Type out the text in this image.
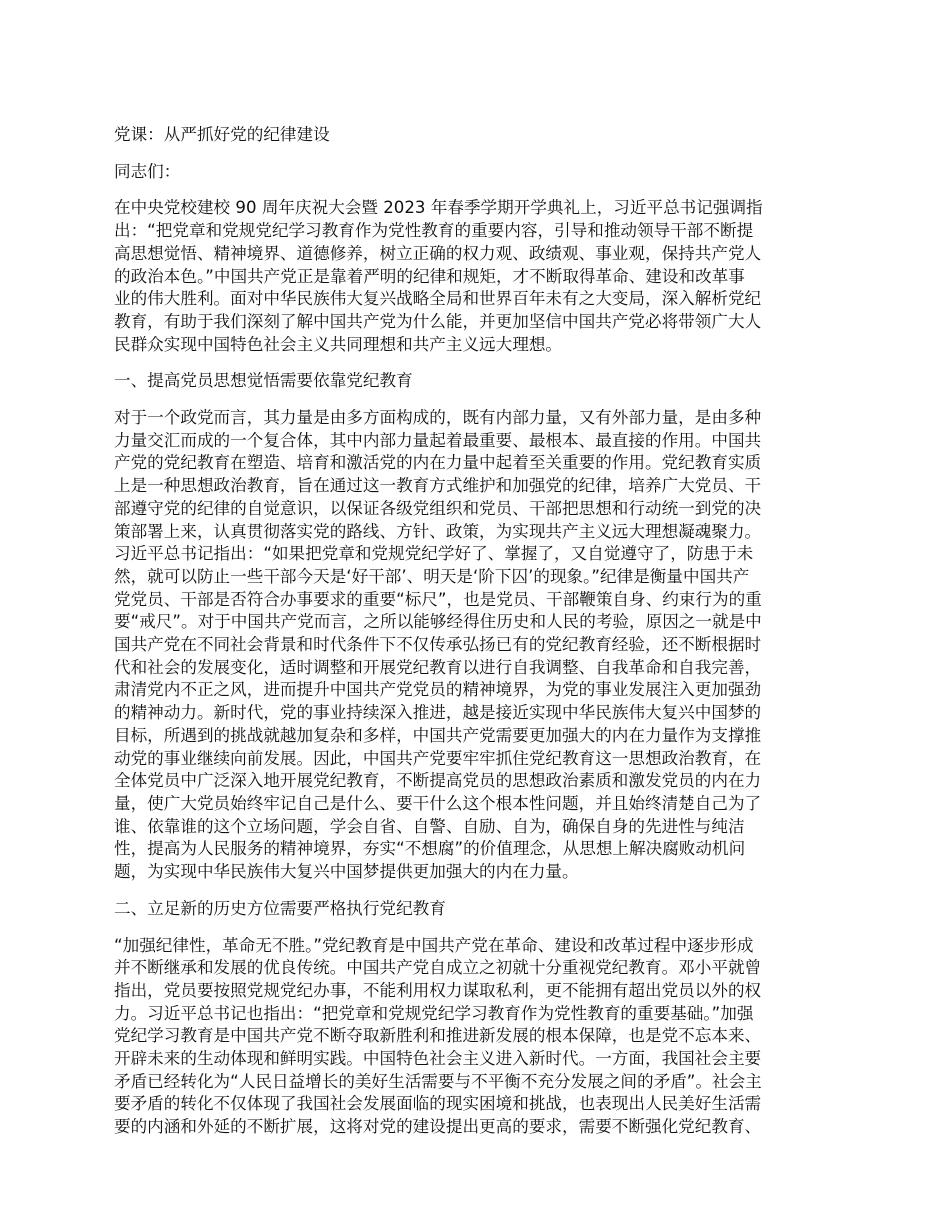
党课：从严抓好党的纪律建设
同志们：
在中央党校建校 90 周年庆祝大会暨 2023 年春季学期开学典礼上，习近平总书记强调指
出：“把党章和党规党纪学习教育作为党性教育的重要内容，引导和推动领导干部不断提
高思想觉悟、精神境界、道德修养，树立正确的权力观、政绩观、事业观，保持共产党人
的政治本色。”中国共产党正是靠着严明的纪律和规矩，才不断取得革命、建设和改革事
业的伟大胜利。面对中华民族伟大复兴战略全局和世界百年未有之大变局，深入解析党纪
教育，有助于我们深刻了解中国共产党为什么能，并更加坚信中国共产党必将带领广大人
民群众实现中国特色社会主义共同理想和共产主义远大理想。
一、提高党员思想觉悟需要依靠党纪教育
对于一个政党而言，其力量是由多方面构成的，既有内部力量，又有外部力量，是由多种
力量交汇而成的一个复合体，其中内部力量起着最重要、最根本、最直接的作用。中国共
产党的党纪教育在塑造、培育和激活党的内在力量中起着至关重要的作用。党纪教育实质
上是一种思想政治教育，旨在通过这一教育方式维护和加强党的纪律，培养广大党员、干
部遵守党的纪律的自觉意识，以保证各级党组织和党员、干部把思想和行动统一到党的决
策部署上来，认真贯彻落实党的路线、方针、政策，为实现共产主义远大理想凝魂聚力。
习近平总书记指出：“如果把党章和党规党纪学好了、掌握了，又自觉遵守了，防患于未
然，就可以防止一些干部今天是‘好干部’、明天是‘阶下囚’的现象。”纪律是衡量中国共产
党党员、干部是否符合办事要求的重要“标尺”，也是党员、干部鞭策自身、约束行为的重
要“戒尺”。对于中国共产党而言，之所以能够经得住历史和人民的考验，原因之一就是中
国共产党在不同社会背景和时代条件下不仅传承弘扬已有的党纪教育经验，还不断根据时
代和社会的发展变化，适时调整和开展党纪教育以进行自我调整、自我革命和自我完善，
肃清党内不正之风，进而提升中国共产党党员的精神境界，为党的事业发展注入更加强劲
的精神动力。新时代，党的事业持续深入推进，越是接近实现中华民族伟大复兴中国梦的
目标，所遇到的挑战就越加复杂和多样，中国共产党需要更加强大的内在力量作为支撑推
动党的事业继续向前发展。因此，中国共产党要牢牢抓住党纪教育这一思想政治教育，在
全体党员中广泛深入地开展党纪教育，不断提高党员的思想政治素质和激发党员的内在力
量，使广大党员始终牢记自己是什么、要干什么这个根本性问题，并且始终清楚自己为了
谁、依靠谁的这个立场问题，学会自省、自警、自励、自为，确保自身的先进性与纯洁
性，提高为人民服务的精神境界，夯实“不想腐”的价值理念，从思想上解决腐败动机问
题，为实现中华民族伟大复兴中国梦提供更加强大的内在力量。
二、立足新的历史方位需要严格执行党纪教育
“加强纪律性，革命无不胜。”党纪教育是中国共产党在革命、建设和改革过程中逐步形成
并不断继承和发展的优良传统。中国共产党自成立之初就十分重视党纪教育。邓小平就曾
指出，党员要按照党规党纪办事，不能利用权力谋取私利，更不能拥有超出党员以外的权
力。习近平总书记也指出：“把党章和党规党纪学习教育作为党性教育的重要基础。”加强
党纪学习教育是中国共产党不断夺取新胜利和推进新发展的根本保障，也是党不忘本来、
开辟未来的生动体现和鲜明实践。中国特色社会主义进入新时代。一方面，我国社会主要
矛盾已经转化为“人民日益增长的美好生活需要与不平衡不充分发展之间的矛盾”。社会主
要矛盾的转化不仅体现了我国社会发展面临的现实困境和挑战，也表现出人民美好生活需
要的内涵和外延的不断扩展，这将对党的建设提出更高的要求，需要不断强化党纪教育、
